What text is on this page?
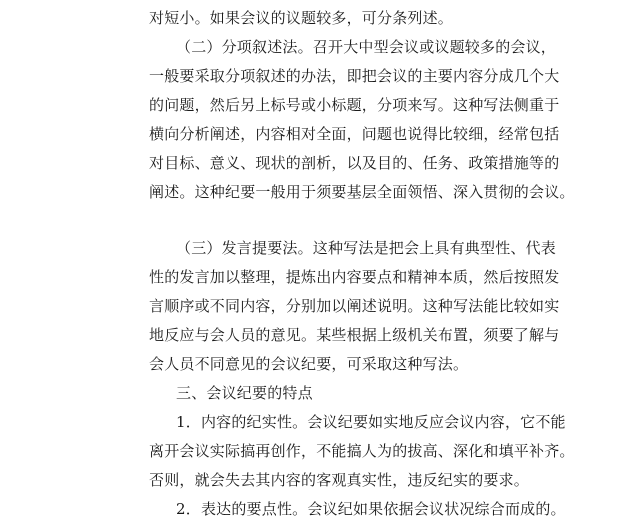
对短小。如果会议的议题较多，可分条列述。
（二）分项叙述法。召开大中型会议或议题较多的会议，
一般要采取分项叙述的办法，即把会议的主要内容分成几个大
的问题，然后另上标号或小标题，分项来写。这种写法侧重于
横向分析阐述，内容相对全面，问题也说得比较细，经常包括
对目标、意义、现状的剖析，以及目的、任务、政策措施等的
阐述。这种纪要一般用于须要基层全面领悟、深入贯彻的会议。
（三）发言提要法。这种写法是把会上具有典型性、代表
性的发言加以整理，提炼出内容要点和精神本质，然后按照发
言顺序或不同内容，分别加以阐述说明。这种写法能比较如实
地反应与会人员的意见。某些根据上级机关布置，须要了解与
会人员不同意见的会议纪要，可采取这种写法。
三、会议纪要的特点
1．内容的纪实性。会议纪要如实地反应会议内容，它不能
离开会议实际搞再创作，不能搞人为的拔高、深化和填平补齐。
否则，就会失去其内容的客观真实性，违反纪实的要求。
2．表达的要点性。会议纪如果依据会议状况综合而成的。
